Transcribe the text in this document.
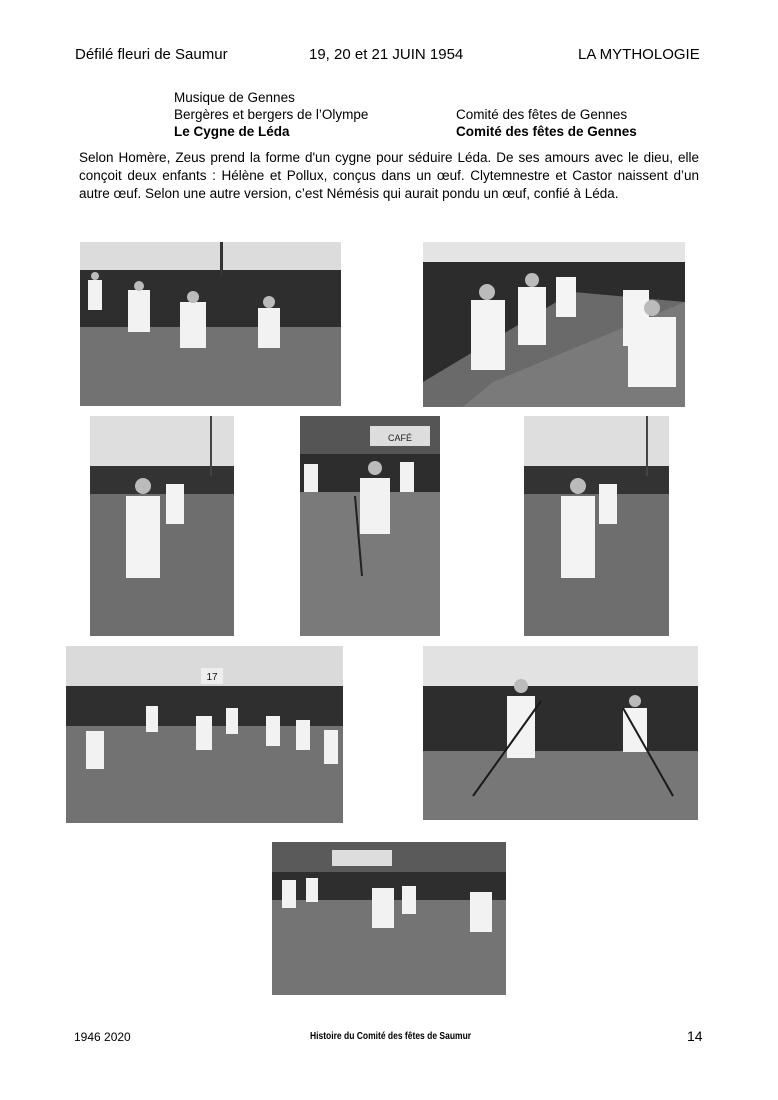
Défilé fleuri de Saumur	19, 20 et 21 JUIN 1954	LA MYTHOLOGIE
Musique de Gennes
Bergères et bergers de l’Olympe	Comité des fêtes de Gennes
Le Cygne de Léda	Comité des fêtes de Gennes
Selon Homère, Zeus prend la forme d'un cygne pour séduire Léda. De ses amours avec le dieu, elle conçoit deux enfants : Hélène et Pollux, conçus dans un œuf. Clytemnestre et Castor naissent d’un autre œuf. Selon une autre version, c’est Némésis qui aurait pondu un œuf, confié à Léda.
CAFÉ
17
1946 2020	Histoire du Comité des fêtes de Saumur	14
